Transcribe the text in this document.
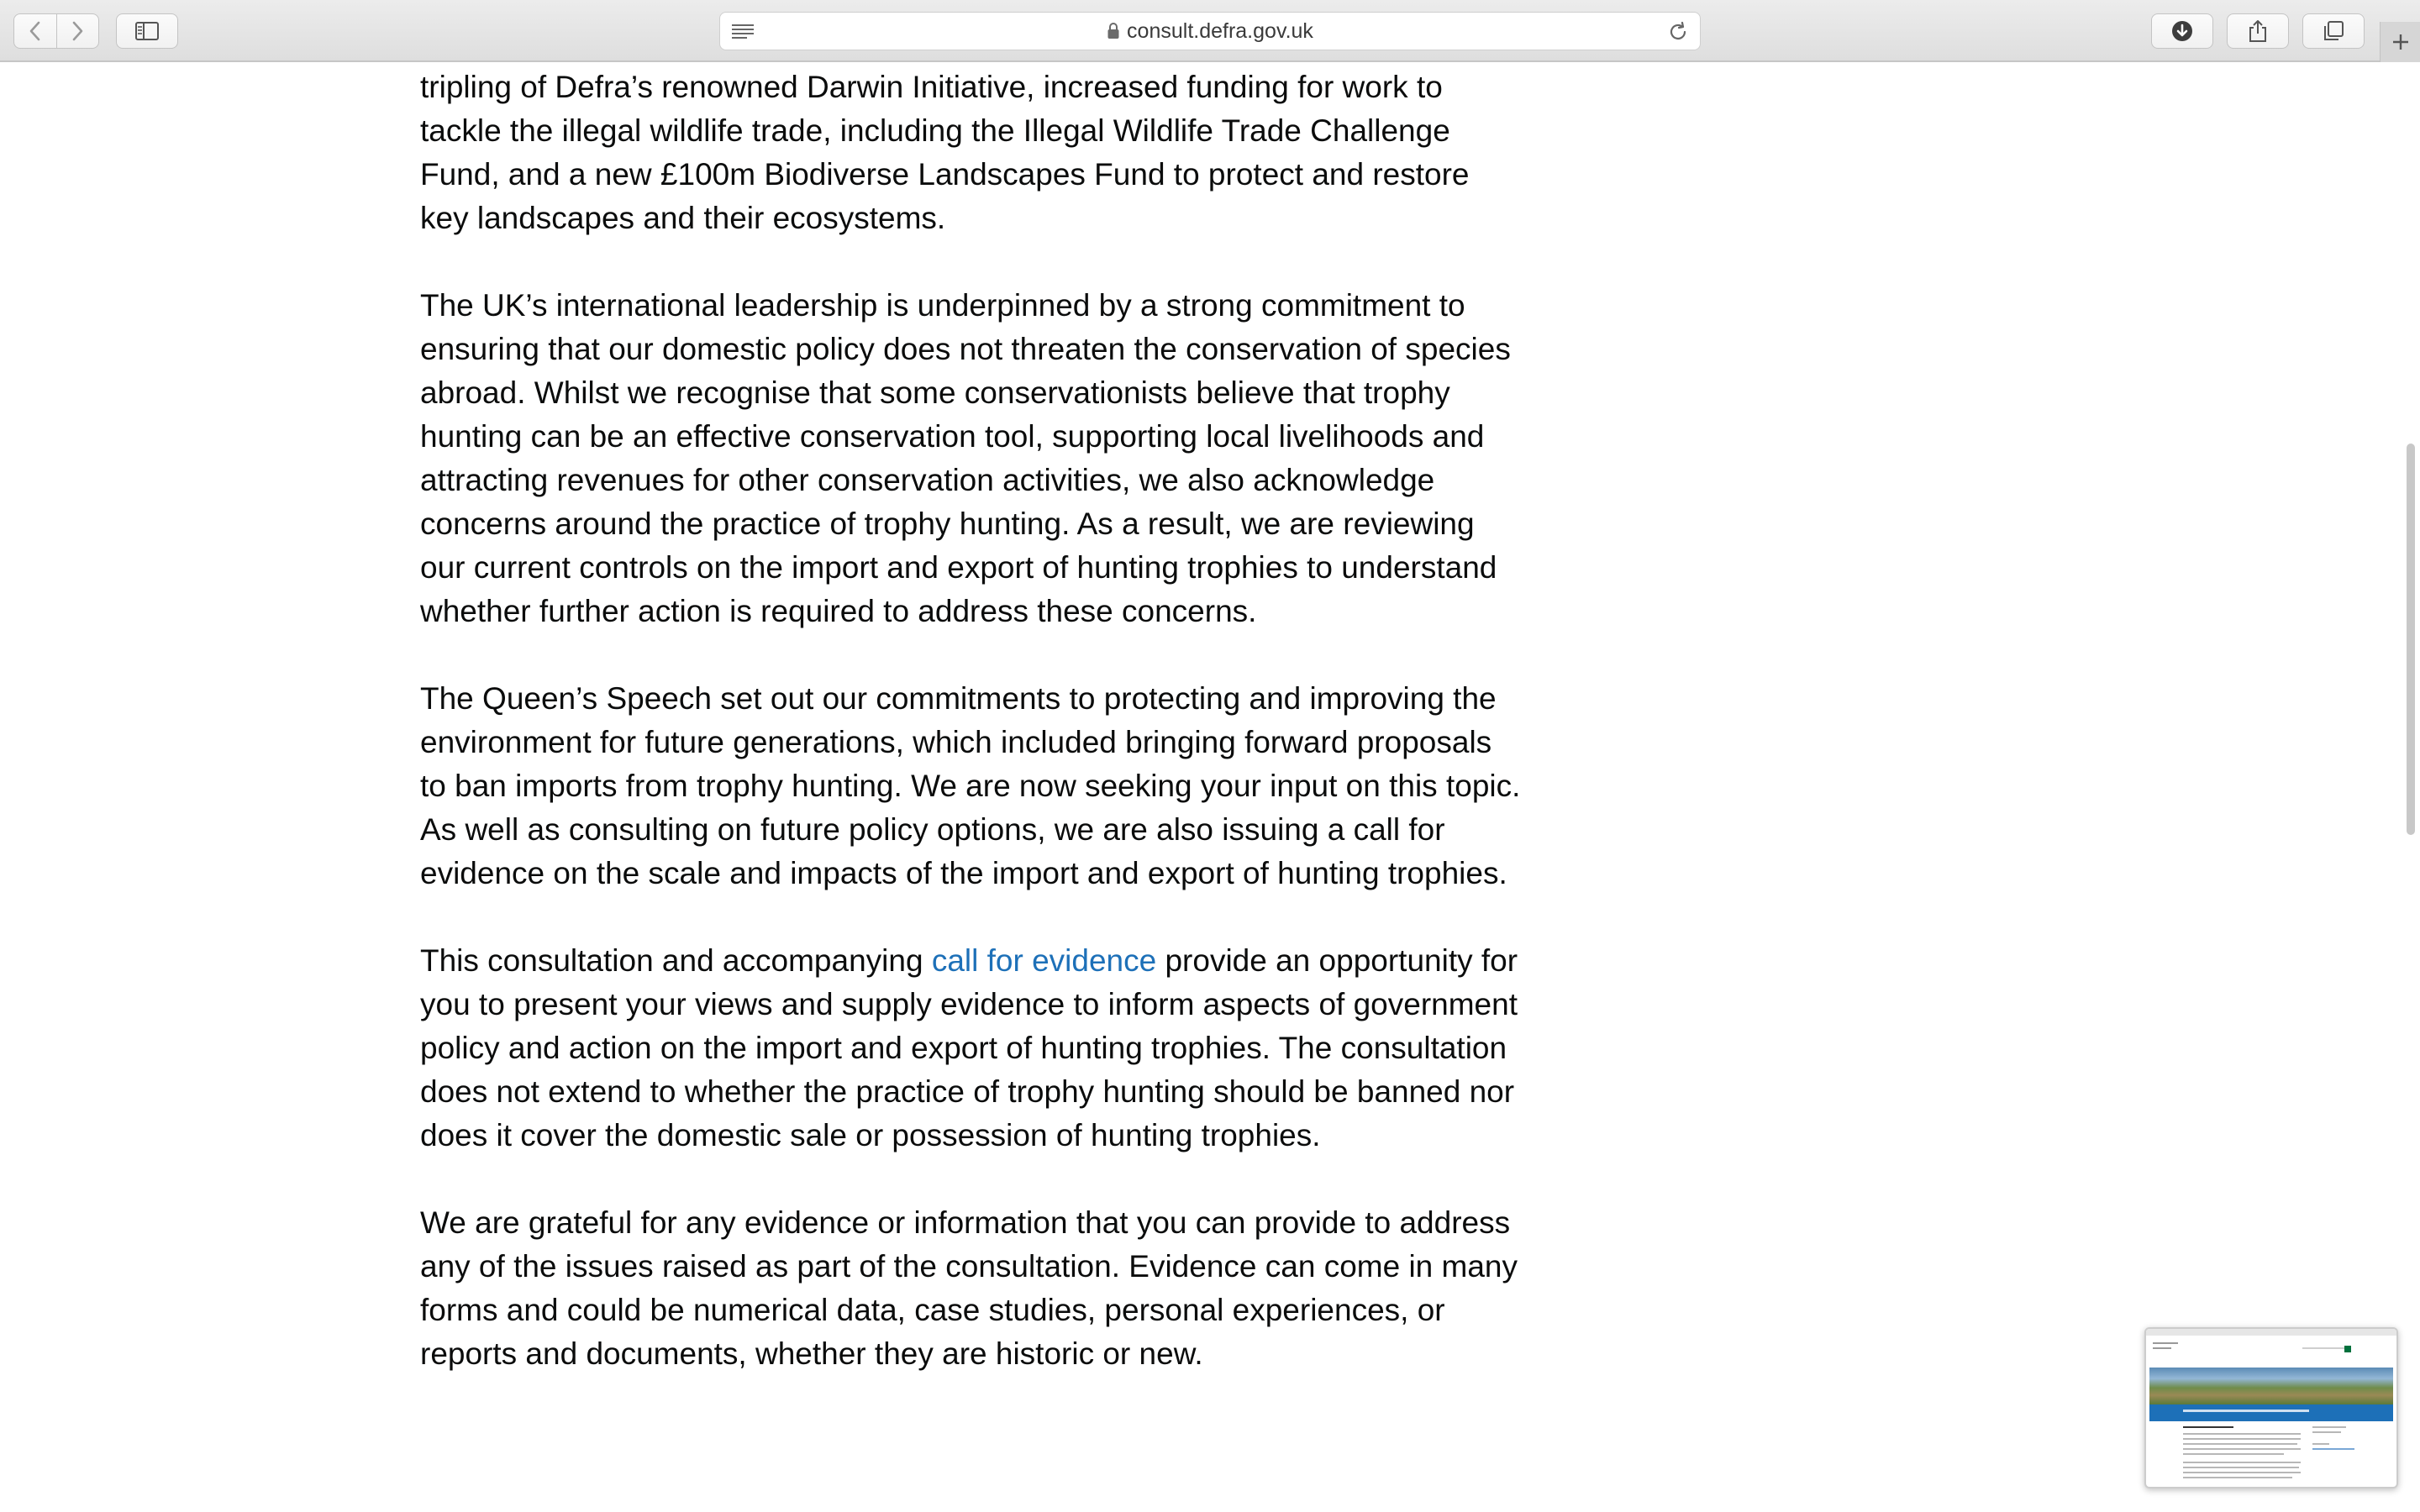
consult.defra.gov.uk

tripling of Defra’s renowned Darwin Initiative, increased funding for work to tackle the illegal wildlife trade, including the Illegal Wildlife Trade Challenge Fund, and a new £100m Biodiverse Landscapes Fund to protect and restore key landscapes and their ecosystems.

The UK’s international leadership is underpinned by a strong commitment to ensuring that our domestic policy does not threaten the conservation of species abroad. Whilst we recognise that some conservationists believe that trophy hunting can be an effective conservation tool, supporting local livelihoods and attracting revenues for other conservation activities, we also acknowledge concerns around the practice of trophy hunting. As a result, we are reviewing our current controls on the import and export of hunting trophies to understand whether further action is required to address these concerns.

The Queen’s Speech set out our commitments to protecting and improving the environment for future generations, which included bringing forward proposals to ban imports from trophy hunting. We are now seeking your input on this topic. As well as consulting on future policy options, we are also issuing a call for evidence on the scale and impacts of the import and export of hunting trophies.

This consultation and accompanying call for evidence provide an opportunity for you to present your views and supply evidence to inform aspects of government policy and action on the import and export of hunting trophies. The consultation does not extend to whether the practice of trophy hunting should be banned nor does it cover the domestic sale or possession of hunting trophies.

We are grateful for any evidence or information that you can provide to address any of the issues raised as part of the consultation. Evidence can come in many forms and could be numerical data, case studies, personal experiences, or reports and documents, whether they are historic or new.
